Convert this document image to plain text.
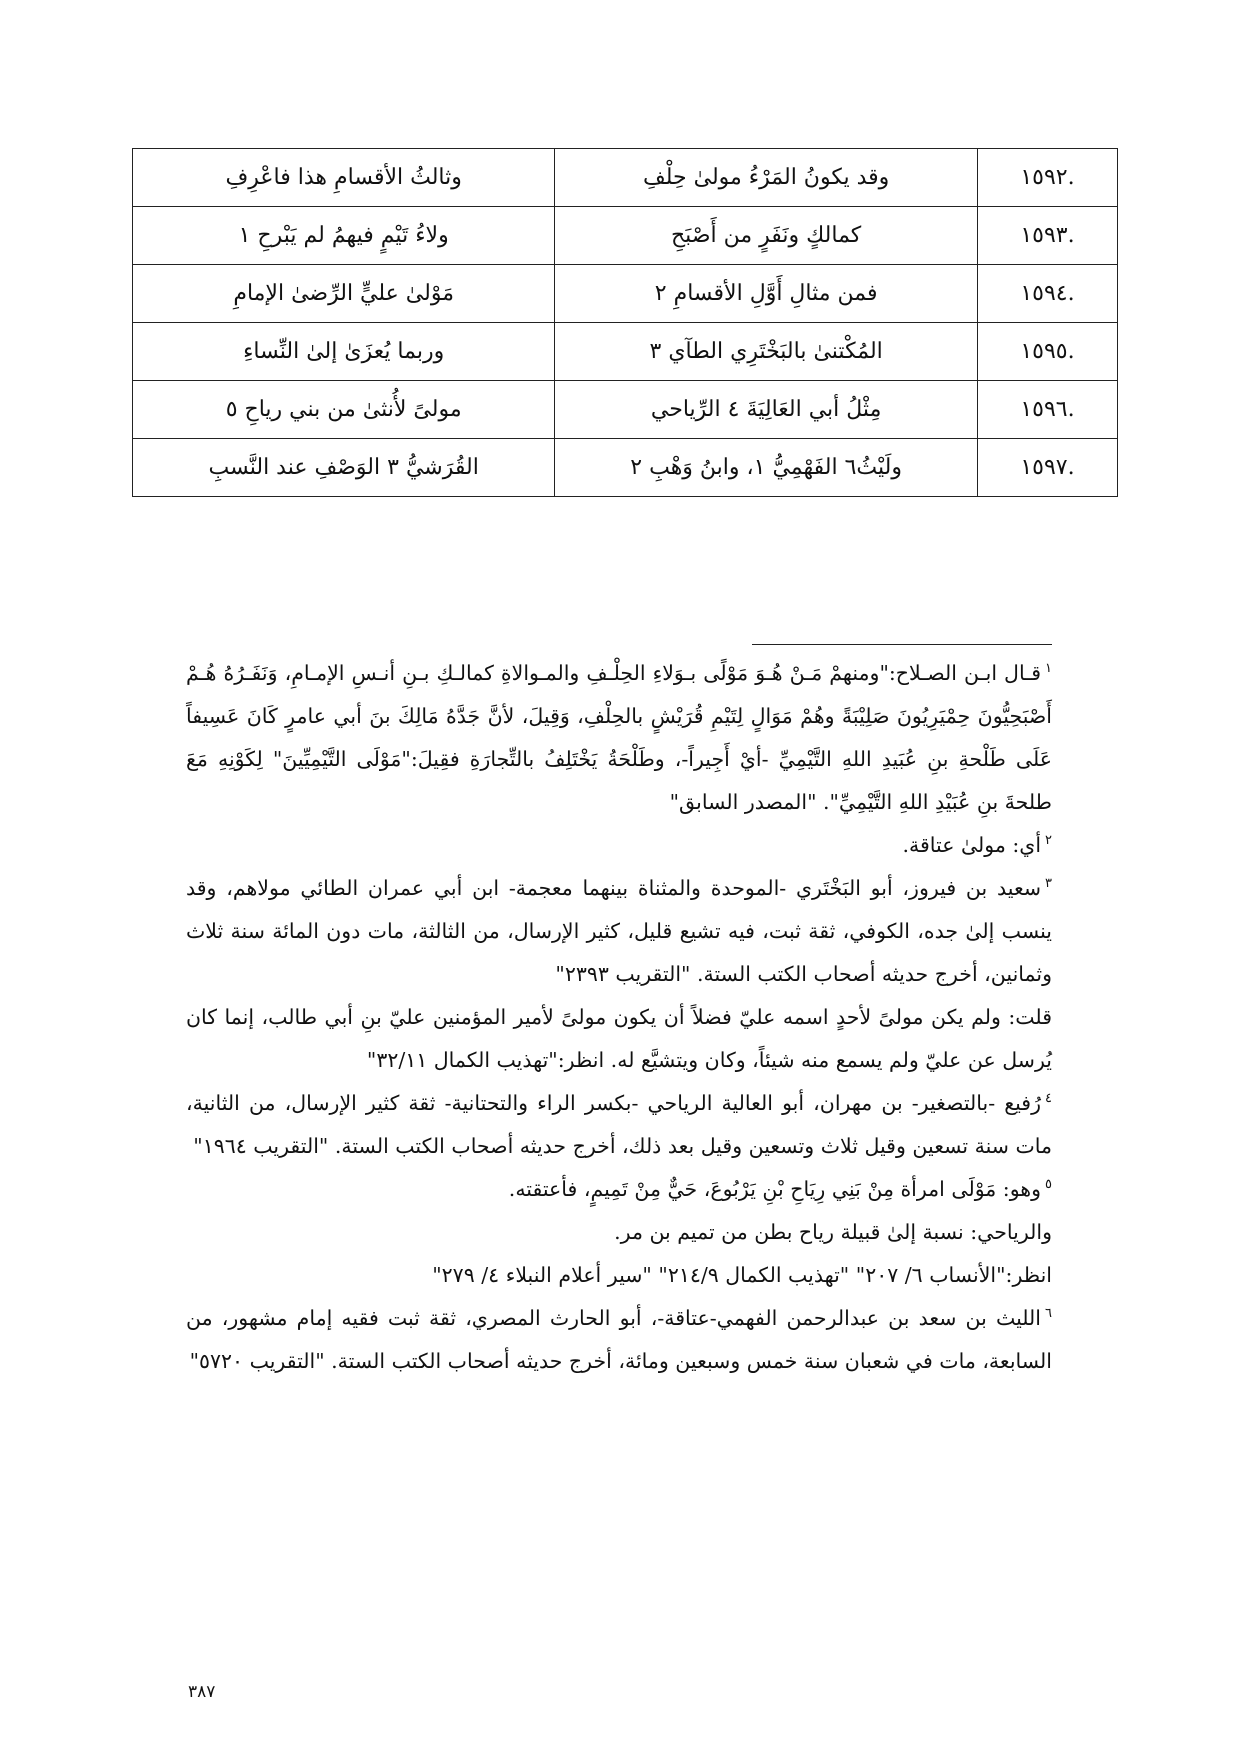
.١٥٩٢	وقد يكونُ المَرْءُ مولىٰ حِلْفِ	وثالثُ الأقسامِ هذا فاعْرِفِ
.١٥٩٣	كمالكٍ ونَفَرٍ من أَصْبَحِ	ولاءُ تَيْمٍ فيهمُ لم يَبْرحِ ١
.١٥٩٤	فمن مثالِ أَوَّلِ الأقسامِ ٢	مَوْلىٰ عليٍّ الرِّضىٰ الإمامِ
.١٥٩٥	المُكْتنىٰ بالبَخْتَرِي الطآي ٣	وربما يُعزَىٰ إلىٰ النِّساءِ
.١٥٩٦	مِثْلُ أبي العَالِيَةَ ٤ الرِّياحي	مولىً لأُنثىٰ من بني رياحِ ٥
.١٥٩٧	ولَيْثُ٦ الفَهْمِيُّ ١، وابنُ وَهْبِ ٢	القُرَشيُّ ٣ الوَصْفِ عند النَّسبِ

$^١$قـال ابـن الصـلاح:"ومنهمْ مَـنْ هُـوَ مَوْلًى بـوَلاءِ الحِلْـفِ والمـوالاةِ كمالـكِ بـنِ أنـسِ الإمـامِ، وَنَفَـرُهُ هُـمْ أَصْبَحِيُّونَ حِمْيَرِيُونَ صَلِيْبَةً وهُمْ مَوَالٍ لِتَيْمِ قُرَيْشٍ بالحِلْفِ، وَقِيلَ، لأنَّ جَدَّهُ مَالِكَ بنَ أبي عامرٍ كَانَ عَسِيفاً عَلَى طَلْحةِ بنِ عُبَيدِ اللهِ التَّيْمِيِّ -أيْ أَجِيراً-، وطَلْحَةُ يَخْتَلِفُ بالتِّجارَةِ فقِيلَ:"مَوْلَى التَّيْمِيِّينَ" لِكَوْنِهِ مَعَ طلحةَ بنِ عُبَيْدِ اللهِ التَّيْمِيِّ". "المصدر السابق"

$^٢$أي: مولىٰ عتاقة.

$^٣$سعيد بن فيروز، أبو البَخْتَري -الموحدة والمثناة بينهما معجمة- ابن أبي عمران الطائي مولاهم، وقد ينسب إلىٰ جده، الكوفي، ثقة ثبت، فيه تشيع قليل، كثير الإرسال، من الثالثة، مات دون المائة سنة ثلاث وثمانين، أخرج حديثه أصحاب الكتب الستة. "التقريب ٢٣٩٣"

قلت: ولم يكن مولىً لأحدٍ اسمه عليّ فضلاً أن يكون مولىً لأمير المؤمنين عليّ بنِ أبي طالب، إنما كان يُرسل عن عليّ ولم يسمع منه شيئاً، وكان ويتشيَّع له. انظر:"تهذيب الكمال ٣٢/١١"

$^٤$رُفيع -بالتصغير- بن مهران، أبو العالية الرياحي -بكسر الراء والتحتانية- ثقة كثير الإرسال، من الثانية، مات سنة تسعين وقيل ثلاث وتسعين وقيل بعد ذلك، أخرج حديثه أصحاب الكتب الستة. "التقريب ١٩٦٤"

$^٥$وهو: مَوْلَى امرأة مِنْ بَنِي رِيَاحِ بْنِ يَرْبُوعَ، حَيٌّ مِنْ تَمِيمٍ، فأعتقته.

والرياحي: نسبة إلىٰ قبيلة رياح بطن من تميم بن مر.

انظر:"الأنساب ٦/ ٢٠٧" "تهذيب الكمال ٢١٤/٩" "سير أعلام النبلاء ٤/ ٢٧٩"

$^٦$الليث بن سعد بن عبدالرحمن الفهمي-عتاقة-، أبو الحارث المصري، ثقة ثبت فقيه إمام مشهور، من السابعة، مات في شعبان سنة خمس وسبعين ومائة، أخرج حديثه أصحاب الكتب الستة. "التقريب ٥٧٢٠"

٣٨٧
